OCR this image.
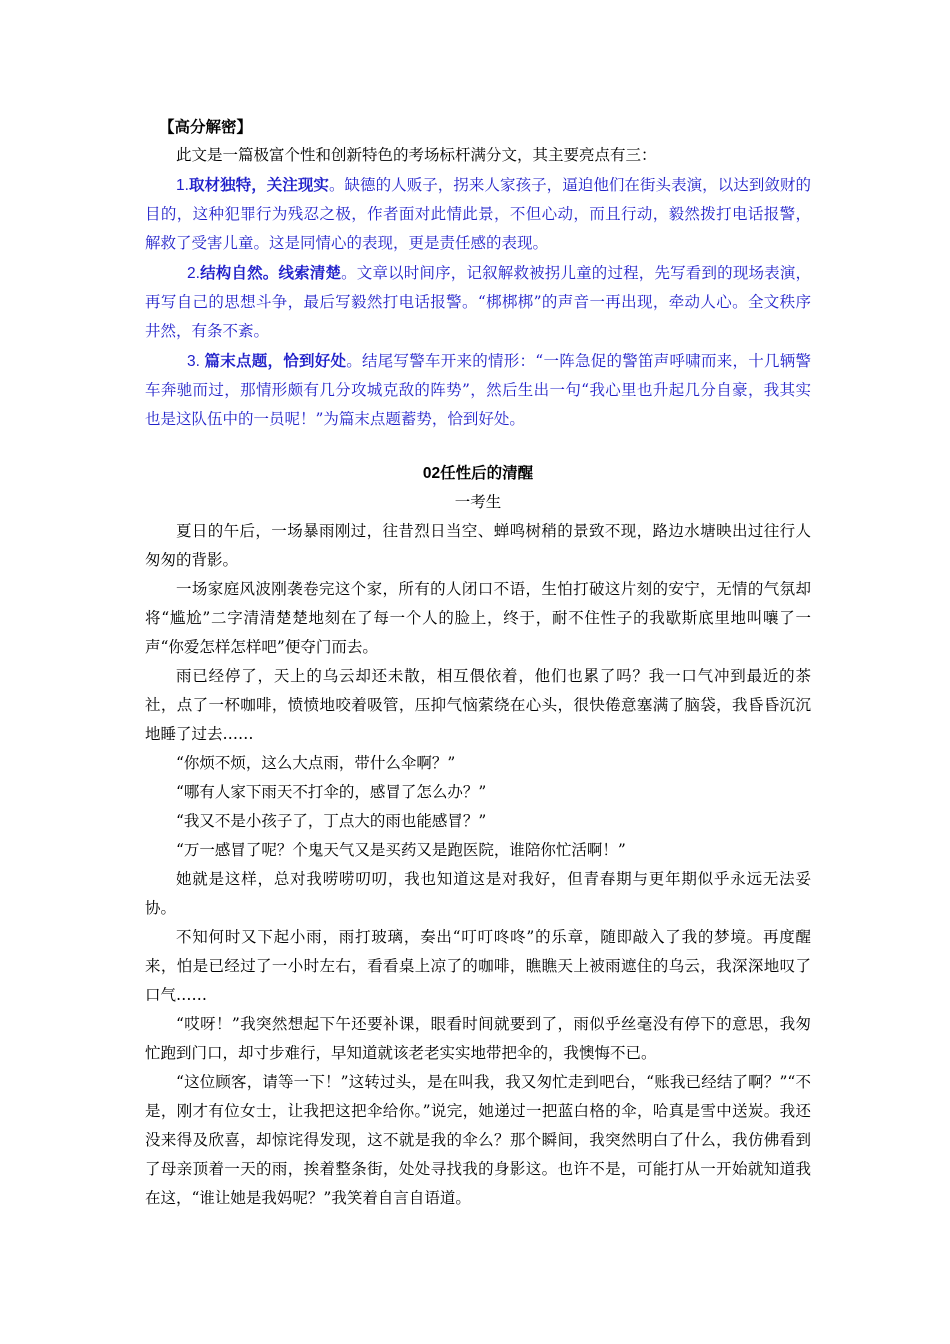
【高分解密】

此文是一篇极富个性和创新特色的考场标杆满分文，其主要亮点有三：

1.取材独特，关注现实。缺德的人贩子，拐来人家孩子，逼迫他们在街头表演，以达到敛财的目的，这种犯罪行为残忍之极，作者面对此情此景，不但心动，而且行动，毅然拨打电话报警，解救了受害儿童。这是同情心的表现，更是责任感的表现。

2.结构自然。线索清楚。文章以时间序，记叙解救被拐儿童的过程，先写看到的现场表演，再写自己的思想斗争，最后写毅然打电话报警。“梆梆梆”的声音一再出现，牵动人心。全文秩序井然，有条不紊。

3. 篇末点题，恰到好处。结尾写警车开来的情形：“一阵急促的警笛声呼啸而来，十几辆警车奔驰而过，那情形颇有几分攻城克敌的阵势”，然后生出一句“我心里也升起几分自豪，我其实也是这队伍中的一员呢！”为篇末点题蓄势，恰到好处。

02任性后的清醒

一考生

夏日的午后，一场暴雨刚过，往昔烈日当空、蝉鸣树稍的景致不现，路边水塘映出过往行人匆匆的背影。

一场家庭风波刚袭卷完这个家，所有的人闭口不语，生怕打破这片刻的安宁，无情的气氛却将“尴尬”二字清清楚楚地刻在了每一个人的脸上，终于，耐不住性子的我歇斯底里地叫嚷了一声“你爱怎样怎样吧”便夺门而去。

雨已经停了，天上的乌云却还未散，相互偎依着，他们也累了吗？我一口气冲到最近的茶社，点了一杯咖啡，愤愤地咬着吸管，压抑气恼萦绕在心头，很快倦意塞满了脑袋，我昏昏沉沉地睡了过去……

“你烦不烦，这么大点雨，带什么伞啊？”

“哪有人家下雨天不打伞的，感冒了怎么办？”

“我又不是小孩子了，丁点大的雨也能感冒？”

“万一感冒了呢？个鬼天气又是买药又是跑医院，谁陪你忙活啊！”

她就是这样，总对我唠唠叨叨，我也知道这是对我好，但青春期与更年期似乎永远无法妥协。

不知何时又下起小雨，雨打玻璃，奏出“叮叮咚咚”的乐章，随即敲入了我的梦境。再度醒来，怕是已经过了一小时左右，看看桌上凉了的咖啡，瞧瞧天上被雨遮住的乌云，我深深地叹了口气……

“哎呀！”我突然想起下午还要补课，眼看时间就要到了，雨似乎丝毫没有停下的意思，我匆忙跑到门口，却寸步难行，早知道就该老老实实地带把伞的，我懊悔不已。

“这位顾客，请等一下！”这转过头，是在叫我，我又匆忙走到吧台，“账我已经结了啊？”“不是，刚才有位女士，让我把这把伞给你。”说完，她递过一把蓝白格的伞，哈真是雪中送炭。我还没来得及欣喜，却惊诧得发现，这不就是我的伞么？那个瞬间，我突然明白了什么，我仿佛看到了母亲顶着一天的雨，挨着整条街，处处寻找我的身影这。也许不是，可能打从一开始就知道我在这，“谁让她是我妈呢？”我笑着自言自语道。
